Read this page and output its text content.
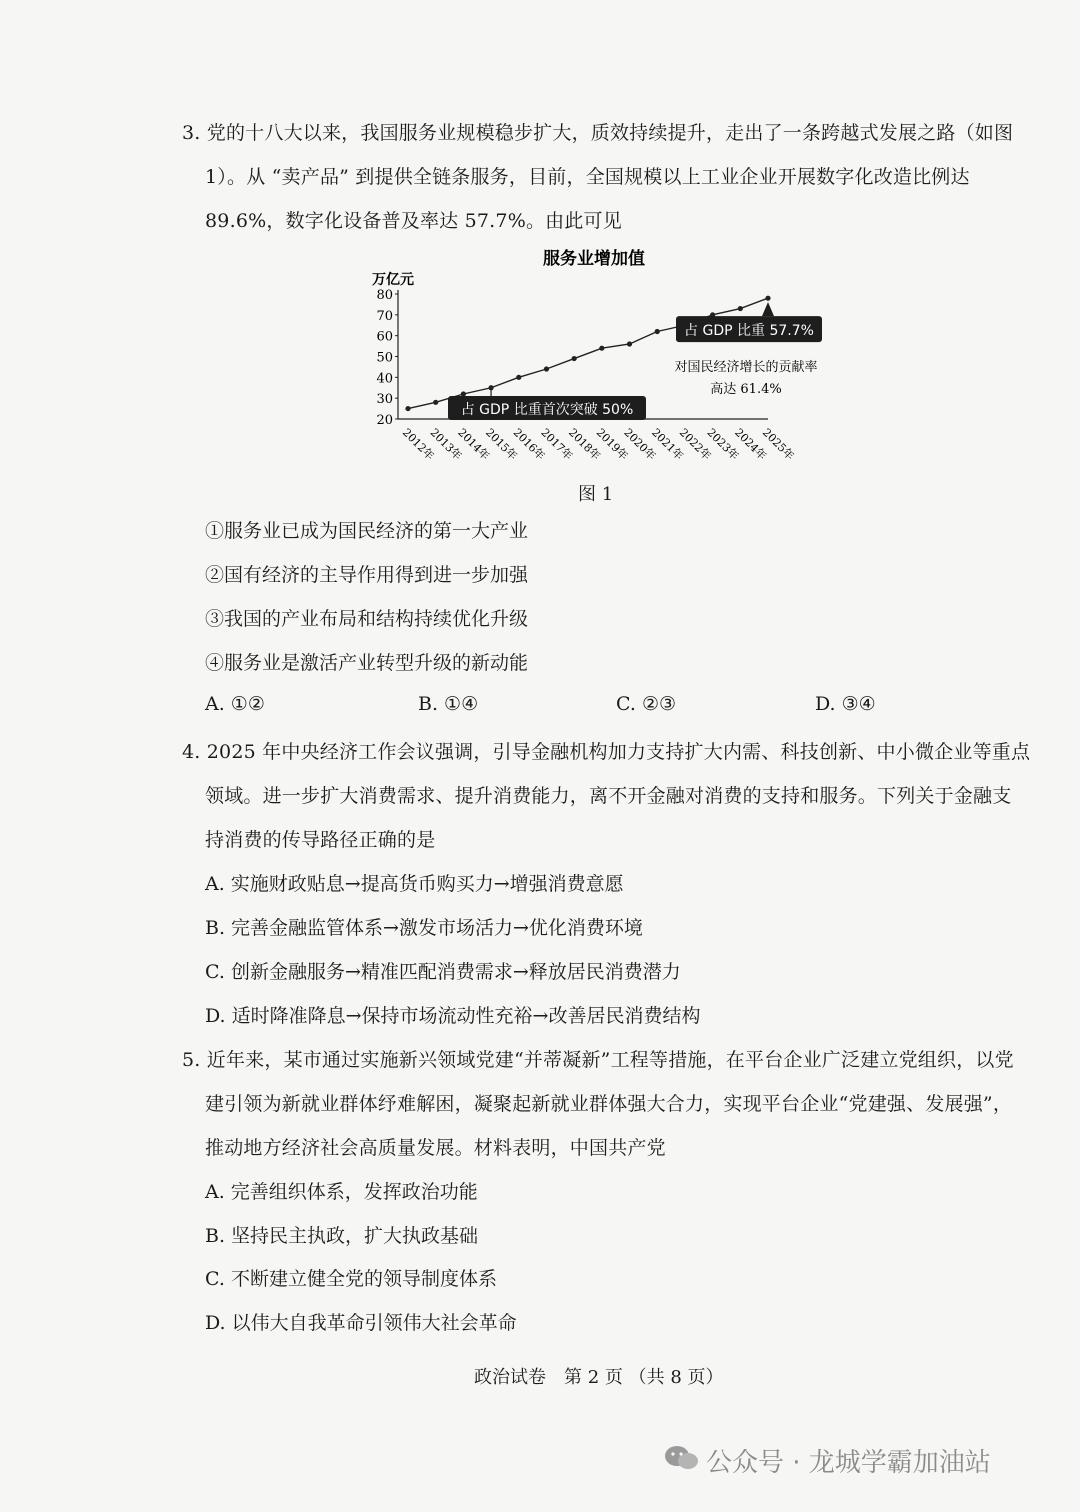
3. 党的十八大以来，我国服务业规模稳步扩大，质效持续提升，走出了一条跨越式发展之路（如图
1）。从 “卖产品” 到提供全链条服务，目前，全国规模以上工业企业开展数字化改造比例达
89.6%，数字化设备普及率达 57.7%。由此可见
服务业增加值
万亿元
20
30
40
50
60
70
80
2012年
2013年
2014年
2015年
2016年
2017年
2018年
2019年
2020年
2021年
2022年
2023年
2024年
2025年
占 GDP 比重首次突破 50%
占 GDP 比重 57.7%
对国民经济增长的贡献率
高达 61.4%
图 1
①服务业已成为国民经济的第一大产业
②国有经济的主导作用得到进一步加强
③我国的产业布局和结构持续优化升级
④服务业是激活产业转型升级的新动能
A. ①②	B. ①④	C. ②③	D. ③④
4. 2025 年中央经济工作会议强调，引导金融机构加力支持扩大内需、科技创新、中小微企业等重点
领域。进一步扩大消费需求、提升消费能力，离不开金融对消费的支持和服务。下列关于金融支
持消费的传导路径正确的是
A. 实施财政贴息→提高货币购买力→增强消费意愿
B. 完善金融监管体系→激发市场活力→优化消费环境
C. 创新金融服务→精准匹配消费需求→释放居民消费潜力
D. 适时降准降息→保持市场流动性充裕→改善居民消费结构
5. 近年来，某市通过实施新兴领域党建“并蒂凝新”工程等措施，在平台企业广泛建立党组织，以党
建引领为新就业群体纾难解困，凝聚起新就业群体强大合力，实现平台企业“党建强、发展强”，
推动地方经济社会高质量发展。材料表明，中国共产党
A. 完善组织体系，发挥政治功能
B. 坚持民主执政，扩大执政基础
C. 不断建立健全党的领导制度体系
D. 以伟大自我革命引领伟大社会革命
政治试卷　第 2 页 （共 8 页）
公众号 · 龙城学霸加油站
